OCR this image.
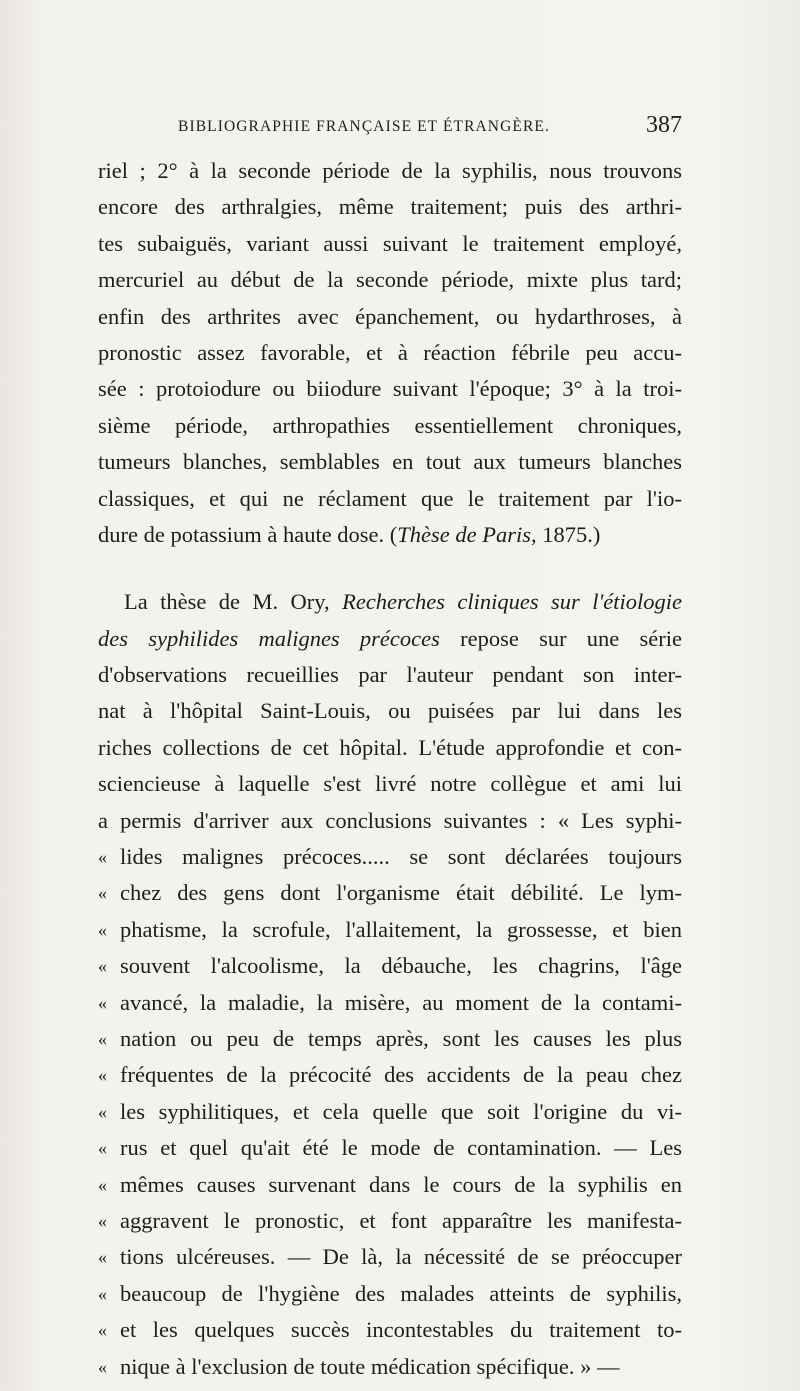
BIBLIOGRAPHIE FRANÇAISE ET ÉTRANGÈRE.	387
riel ; 2° à la seconde période de la syphilis, nous trouvons
encore des arthralgies, même traitement; puis des arthri-
tes subaiguës, variant aussi suivant le traitement employé,
mercuriel au début de la seconde période, mixte plus tard;
enfin des arthrites avec épanchement, ou hydarthroses, à
pronostic assez favorable, et à réaction fébrile peu accu-
sée : protoiodure ou biiodure suivant l'époque; 3° à la troi-
sième période, arthropathies essentiellement chroniques,
tumeurs blanches, semblables en tout aux tumeurs blanches
classiques, et qui ne réclament que le traitement par l'io-
dure de potassium à haute dose. (Thèse de Paris, 1875.)
La thèse de M. Ory, Recherches cliniques sur l'étiologie
des syphilides malignes précoces repose sur une série
d'observations recueillies par l'auteur pendant son inter-
nat à l'hôpital Saint-Louis, ou puisées par lui dans les
riches collections de cet hôpital. L'étude approfondie et con-
sciencieuse à laquelle s'est livré notre collègue et ami lui
a permis d'arriver aux conclusions suivantes : « Les syphi-
« lides malignes précoces..... se sont déclarées toujours
« chez des gens dont l'organisme était débilité. Le lym-
« phatisme, la scrofule, l'allaitement, la grossesse, et bien
« souvent l'alcoolisme, la débauche, les chagrins, l'âge
« avancé, la maladie, la misère, au moment de la contami-
« nation ou peu de temps après, sont les causes les plus
« fréquentes de la précocité des accidents de la peau chez
« les syphilitiques, et cela quelle que soit l'origine du vi-
« rus et quel qu'ait été le mode de contamination. — Les
« mêmes causes survenant dans le cours de la syphilis en
« aggravent le pronostic, et font apparaître les manifesta-
« tions ulcéreuses. — De là, la nécessité de se préoccuper
« beaucoup de l'hygiène des malades atteints de syphilis,
« et les quelques succès incontestables du traitement to-
« nique à l'exclusion de toute médication spécifique. » —
